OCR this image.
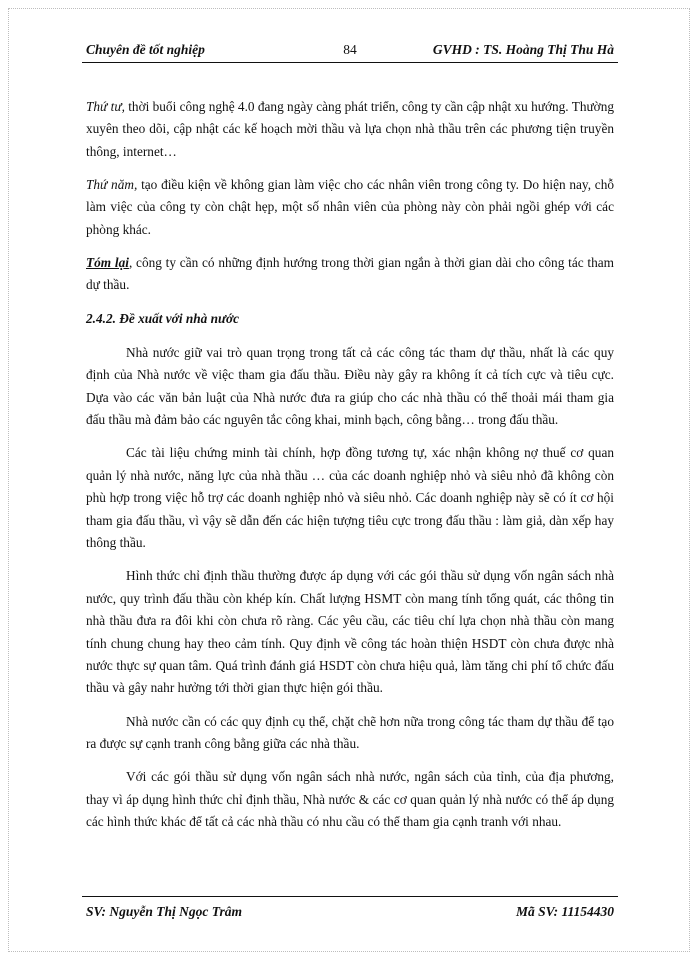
Chuyên đề tốt nghiệp	84	GVHD : TS. Hoàng Thị Thu Hà

Thứ tư, thời buổi công nghệ 4.0 đang ngày càng phát triển, công ty cần cập nhật xu hướng. Thường xuyên theo dõi, cập nhật các kế hoạch mời thầu và lựa chọn nhà thầu trên các phương tiện truyền thông, internet…

Thứ năm, tạo điều kiện về không gian làm việc cho các nhân viên trong công ty. Do hiện nay, chỗ làm việc của công ty còn chật hẹp, một số nhân viên của phòng này còn phải ngồi ghép với các phòng khác.

Tóm lại, công ty cần có những định hướng trong thời gian ngắn à thời gian dài cho công tác tham dự thầu.

2.4.2. Đề xuất với nhà nước

Nhà nước giữ vai trò quan trọng trong tất cả các công tác tham dự thầu, nhất là các quy định của Nhà nước về việc tham gia đấu thầu. Điều này gây ra không ít cả tích cực và tiêu cực. Dựa vào các văn bản luật của Nhà nước đưa ra giúp cho các nhà thầu có thể thoải mái tham gia đấu thầu mà đảm bảo các nguyên tắc công khai, minh bạch, công bằng… trong đấu thầu.

Các tài liệu chứng minh tài chính, hợp đồng tương tự, xác nhận không nợ thuế cơ quan quản lý nhà nước, năng lực của nhà thầu … của các doanh nghiệp nhỏ và siêu nhỏ đã không còn phù hợp trong việc hỗ trợ các doanh nghiệp nhỏ và siêu nhỏ. Các doanh nghiệp này sẽ có ít cơ hội tham gia đấu thầu, vì vậy sẽ dẫn đến các hiện tượng tiêu cực trong đấu thầu : làm giả, dàn xếp hay thông thầu.

Hình thức chỉ định thầu thường được áp dụng với các gói thầu sử dụng vốn ngân sách nhà nước, quy trình đấu thầu còn khép kín. Chất lượng HSMT còn mang tính tổng quát, các thông tin nhà thầu đưa ra đôi khi còn chưa rõ ràng. Các yêu cầu, các tiêu chí lựa chọn nhà thầu còn mang tính chung chung hay theo cảm tính. Quy định về công tác hoàn thiện HSDT còn chưa được nhà nước thực sự quan tâm. Quá trình đánh giá HSDT còn chưa hiệu quả, làm tăng chi phí tổ chức đấu thầu và gây nahr hưởng tới thời gian thực hiện gói thầu.

Nhà nước cần có các quy định cụ thể, chặt chẽ hơn nữa trong công tác tham dự thầu để tạo ra được sự cạnh tranh công bằng giữa các nhà thầu.

Với các gói thầu sử dụng vốn ngân sách nhà nước, ngân sách của tỉnh, của địa phương, thay vì áp dụng hình thức chỉ định thầu, Nhà nước & các cơ quan quản lý nhà nước có thể áp dụng các hình thức khác để tất cả các nhà thầu có nhu cầu có thể tham gia cạnh tranh với nhau.

SV: Nguyễn Thị Ngọc Trâm	Mã SV: 11154430
